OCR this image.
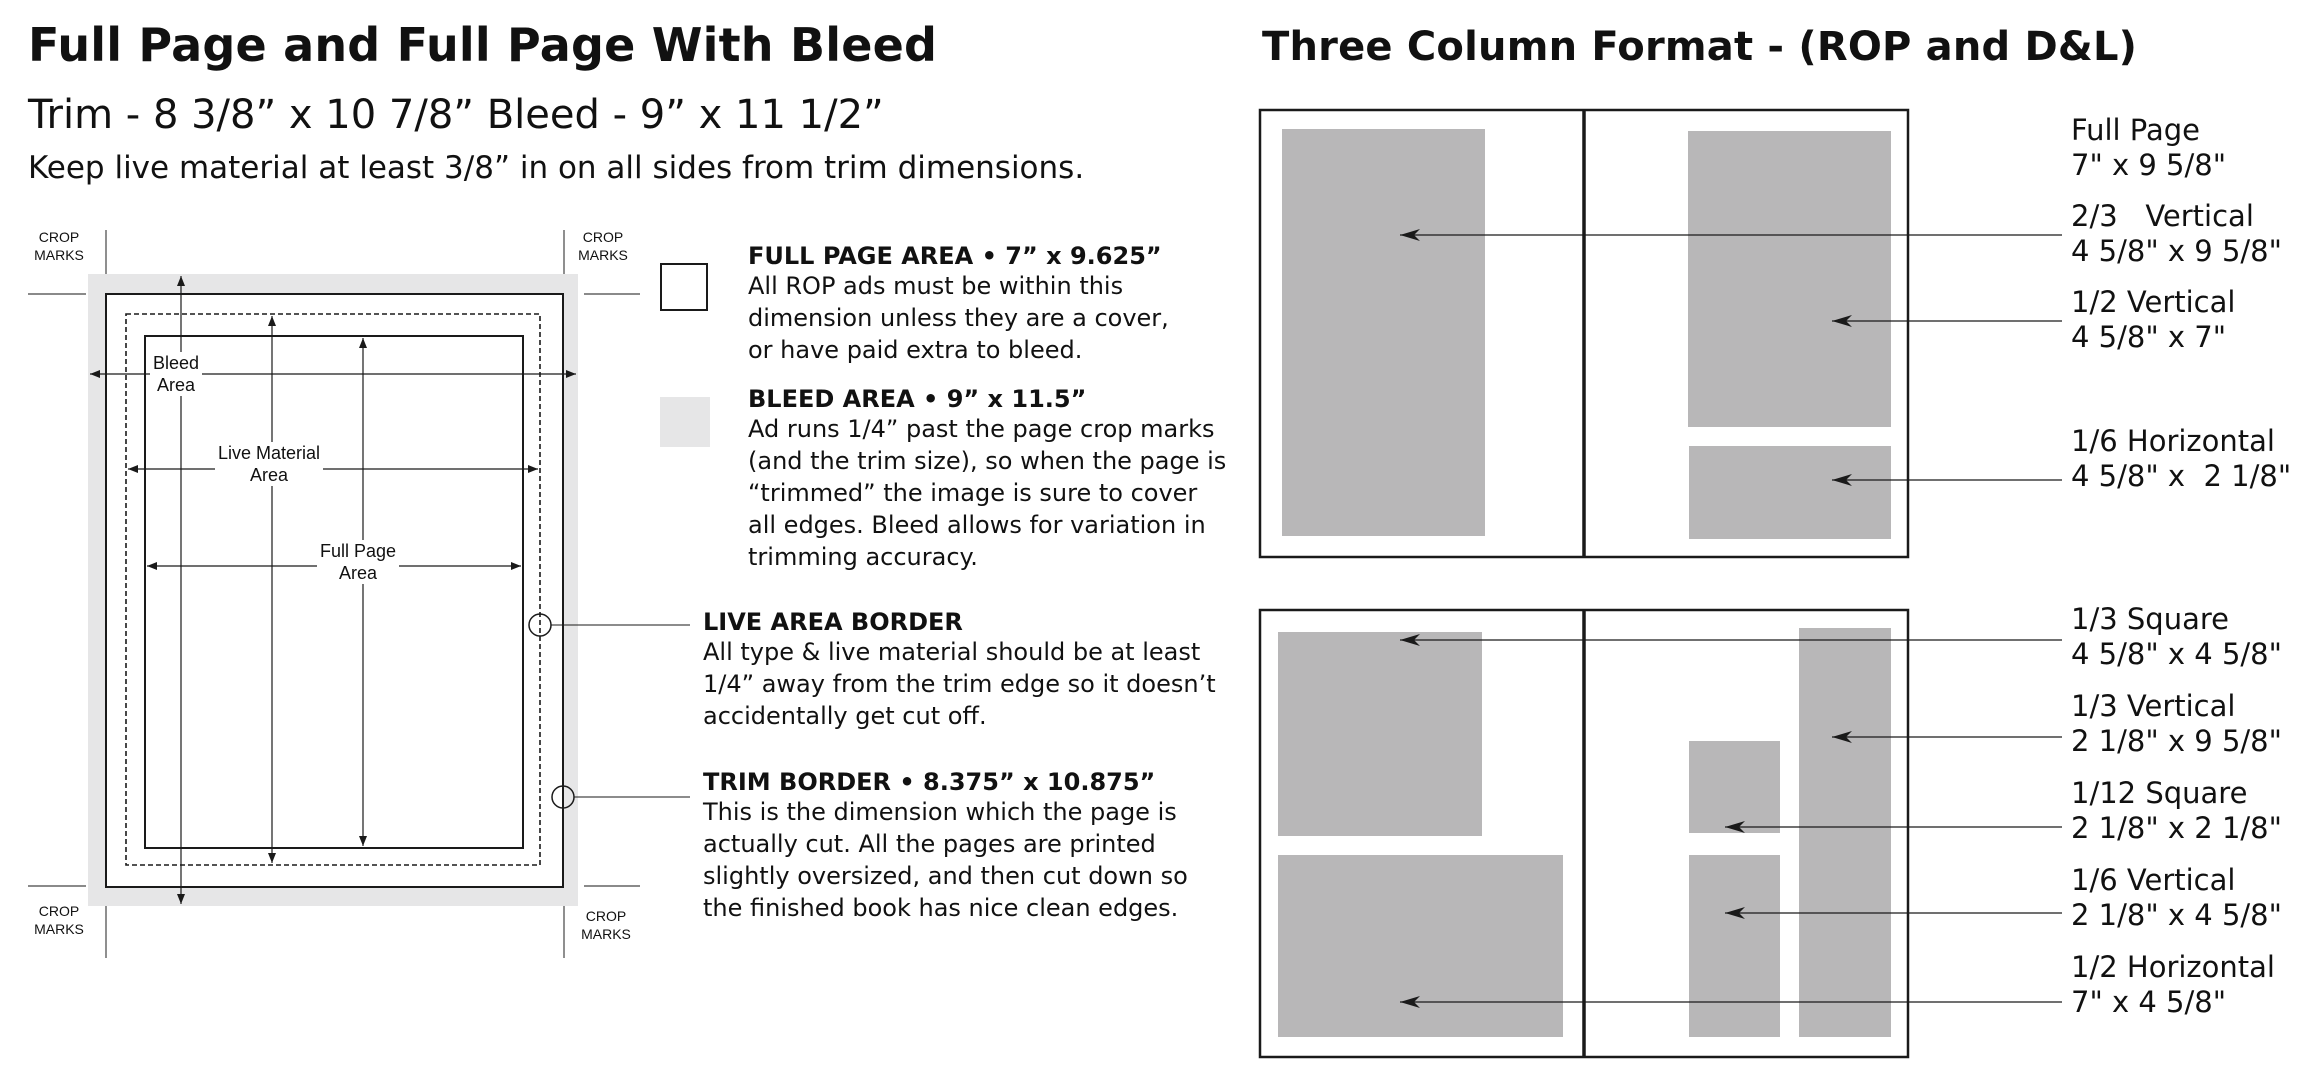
Full Page and Full Page With Bleed
Trim - 8 3/8” x 10 7/8” Bleed - 9” x 11 1/2”
Keep live material at least 3/8” in on all sides from trim dimensions.
CROP
MARKS
CROP
MARKS
CROP
MARKS
CROP
MARKS
Bleed
Area
Live Material
Area
Full Page
Area
FULL PAGE AREA • 7” x 9.625”
All ROP ads must be within this
dimension unless they are a cover,
or have paid extra to bleed.
BLEED AREA • 9” x 11.5”
Ad runs 1/4” past the page crop marks
(and the trim size), so when the page is
“trimmed” the image is sure to cover
all edges. Bleed allows for variation in
trimming accuracy.
LIVE AREA BORDER
All type & live material should be at least
1/4” away from the trim edge so it doesn’t
accidentally get cut off.
TRIM BORDER • 8.375” x 10.875”
This is the dimension which the page is
actually cut. All the pages are printed
slightly oversized, and then cut down so
the finished book has nice clean edges.
Three Column Format - (ROP and D&L)
Full Page
7" x 9 5/8"
2/3   Vertical
4 5/8" x 9 5/8"
1/2 Vertical
4 5/8" x 7"
1/6 Horizontal
4 5/8" x  2 1/8"
1/3 Square
4 5/8" x 4 5/8"
1/3 Vertical
2 1/8" x 9 5/8"
1/12 Square
2 1/8" x 2 1/8"
1/6 Vertical
2 1/8" x 4 5/8"
1/2 Horizontal
7" x 4 5/8"
